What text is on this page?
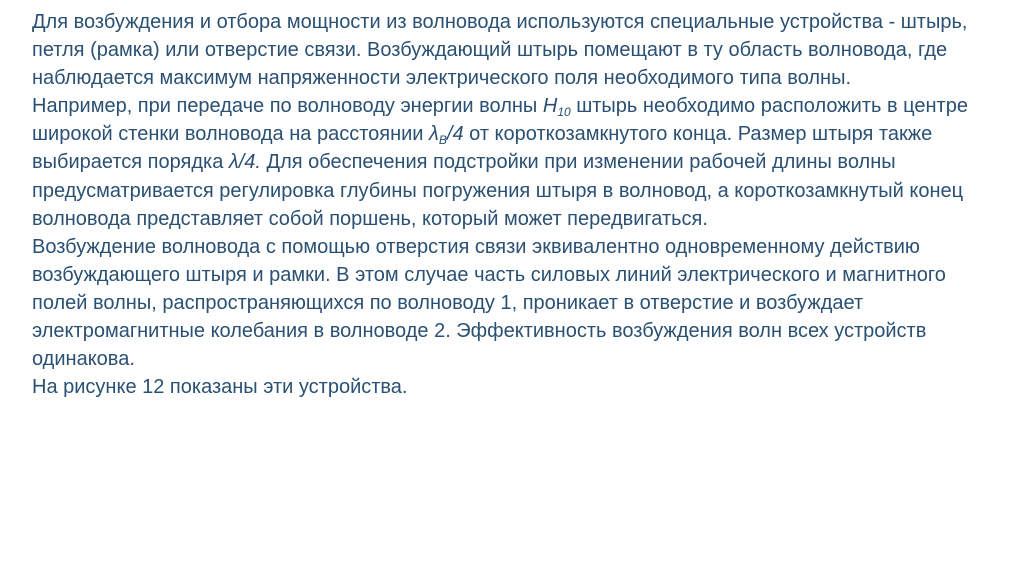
Для возбуждения и отбора мощности из волновода используются специальные устройства - штырь, петля (рамка) или отверстие связи. Возбуждающий штырь помещают в ту область волновода, где наблюдается максимум напряженности электрического поля необходимого типа волны.

Например, при передаче по волноводу энергии волны $H_{10}$ штырь необходимо расположить в центре широкой стенки волновода на расстоянии $\lambda_B/4$ от короткозамкнутого конца. Размер штыря также выбирается порядка λ/4. Для обеспечения подстройки при изменении рабочей длины волны предусматривается регулировка глубины погружения штыря в волновод, а короткозамкнутый конец волновода представляет собой поршень, который может передвигаться.

Возбуждение волновода с помощью отверстия связи эквивалентно одновременному действию возбуждающего штыря и рамки. В этом случае часть силовых линий электрического и магнитного полей волны, распространяющихся по волноводу 1, проникает в отверстие и возбуждает электромагнитные колебания в волноводе 2. Эффективность возбуждения волн всех устройств одинакова.

На рисунке 12 показаны эти устройства.
